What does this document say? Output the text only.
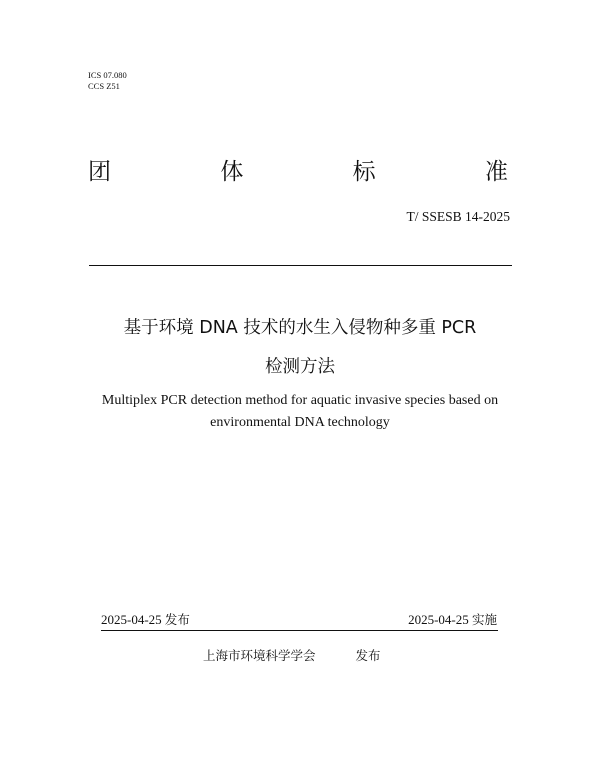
ICS 07.080
CCS Z51
团	体	标	准
T/ SSESB 14-2025
基于环境 DNA 技术的水生入侵物种多重 PCR
检测方法
Multiplex PCR detection method for aquatic invasive species based on
environmental DNA technology
2025-04-25 发布	2025-04-25 实施
上海市环境科学学会	发布
